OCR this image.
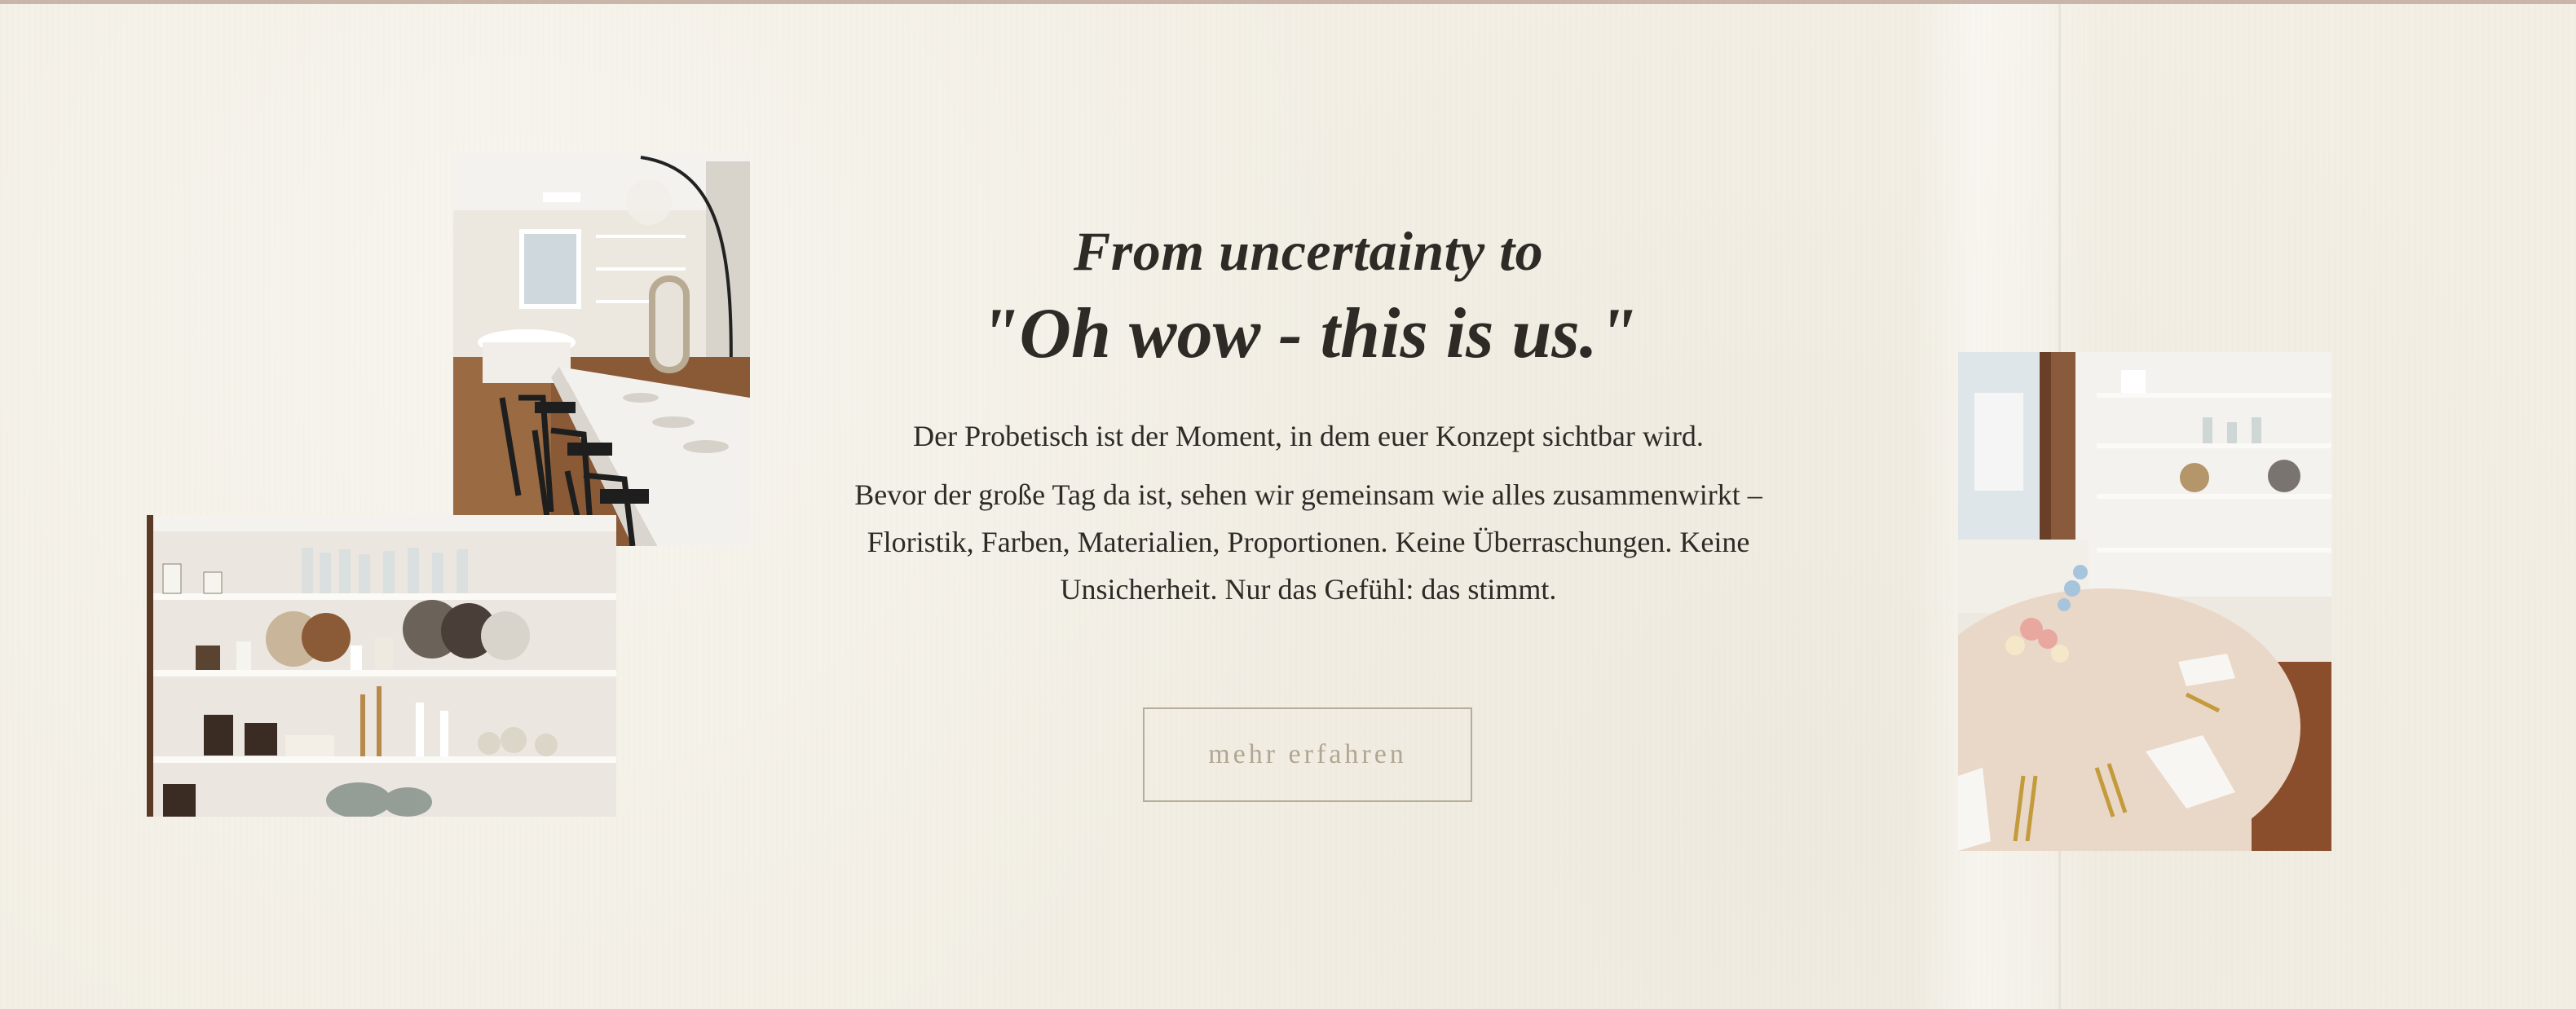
From uncertainty to
"Oh wow - this is us."

Der Probetisch ist der Moment, in dem euer Konzept sichtbar wird.

Bevor der große Tag da ist, sehen wir gemeinsam wie alles zusammenwirkt – Floristik, Farben, Materialien, Proportionen. Keine Überraschungen. Keine Unsicherheit. Nur das Gefühl: das stimmt.

mehr erfahren
